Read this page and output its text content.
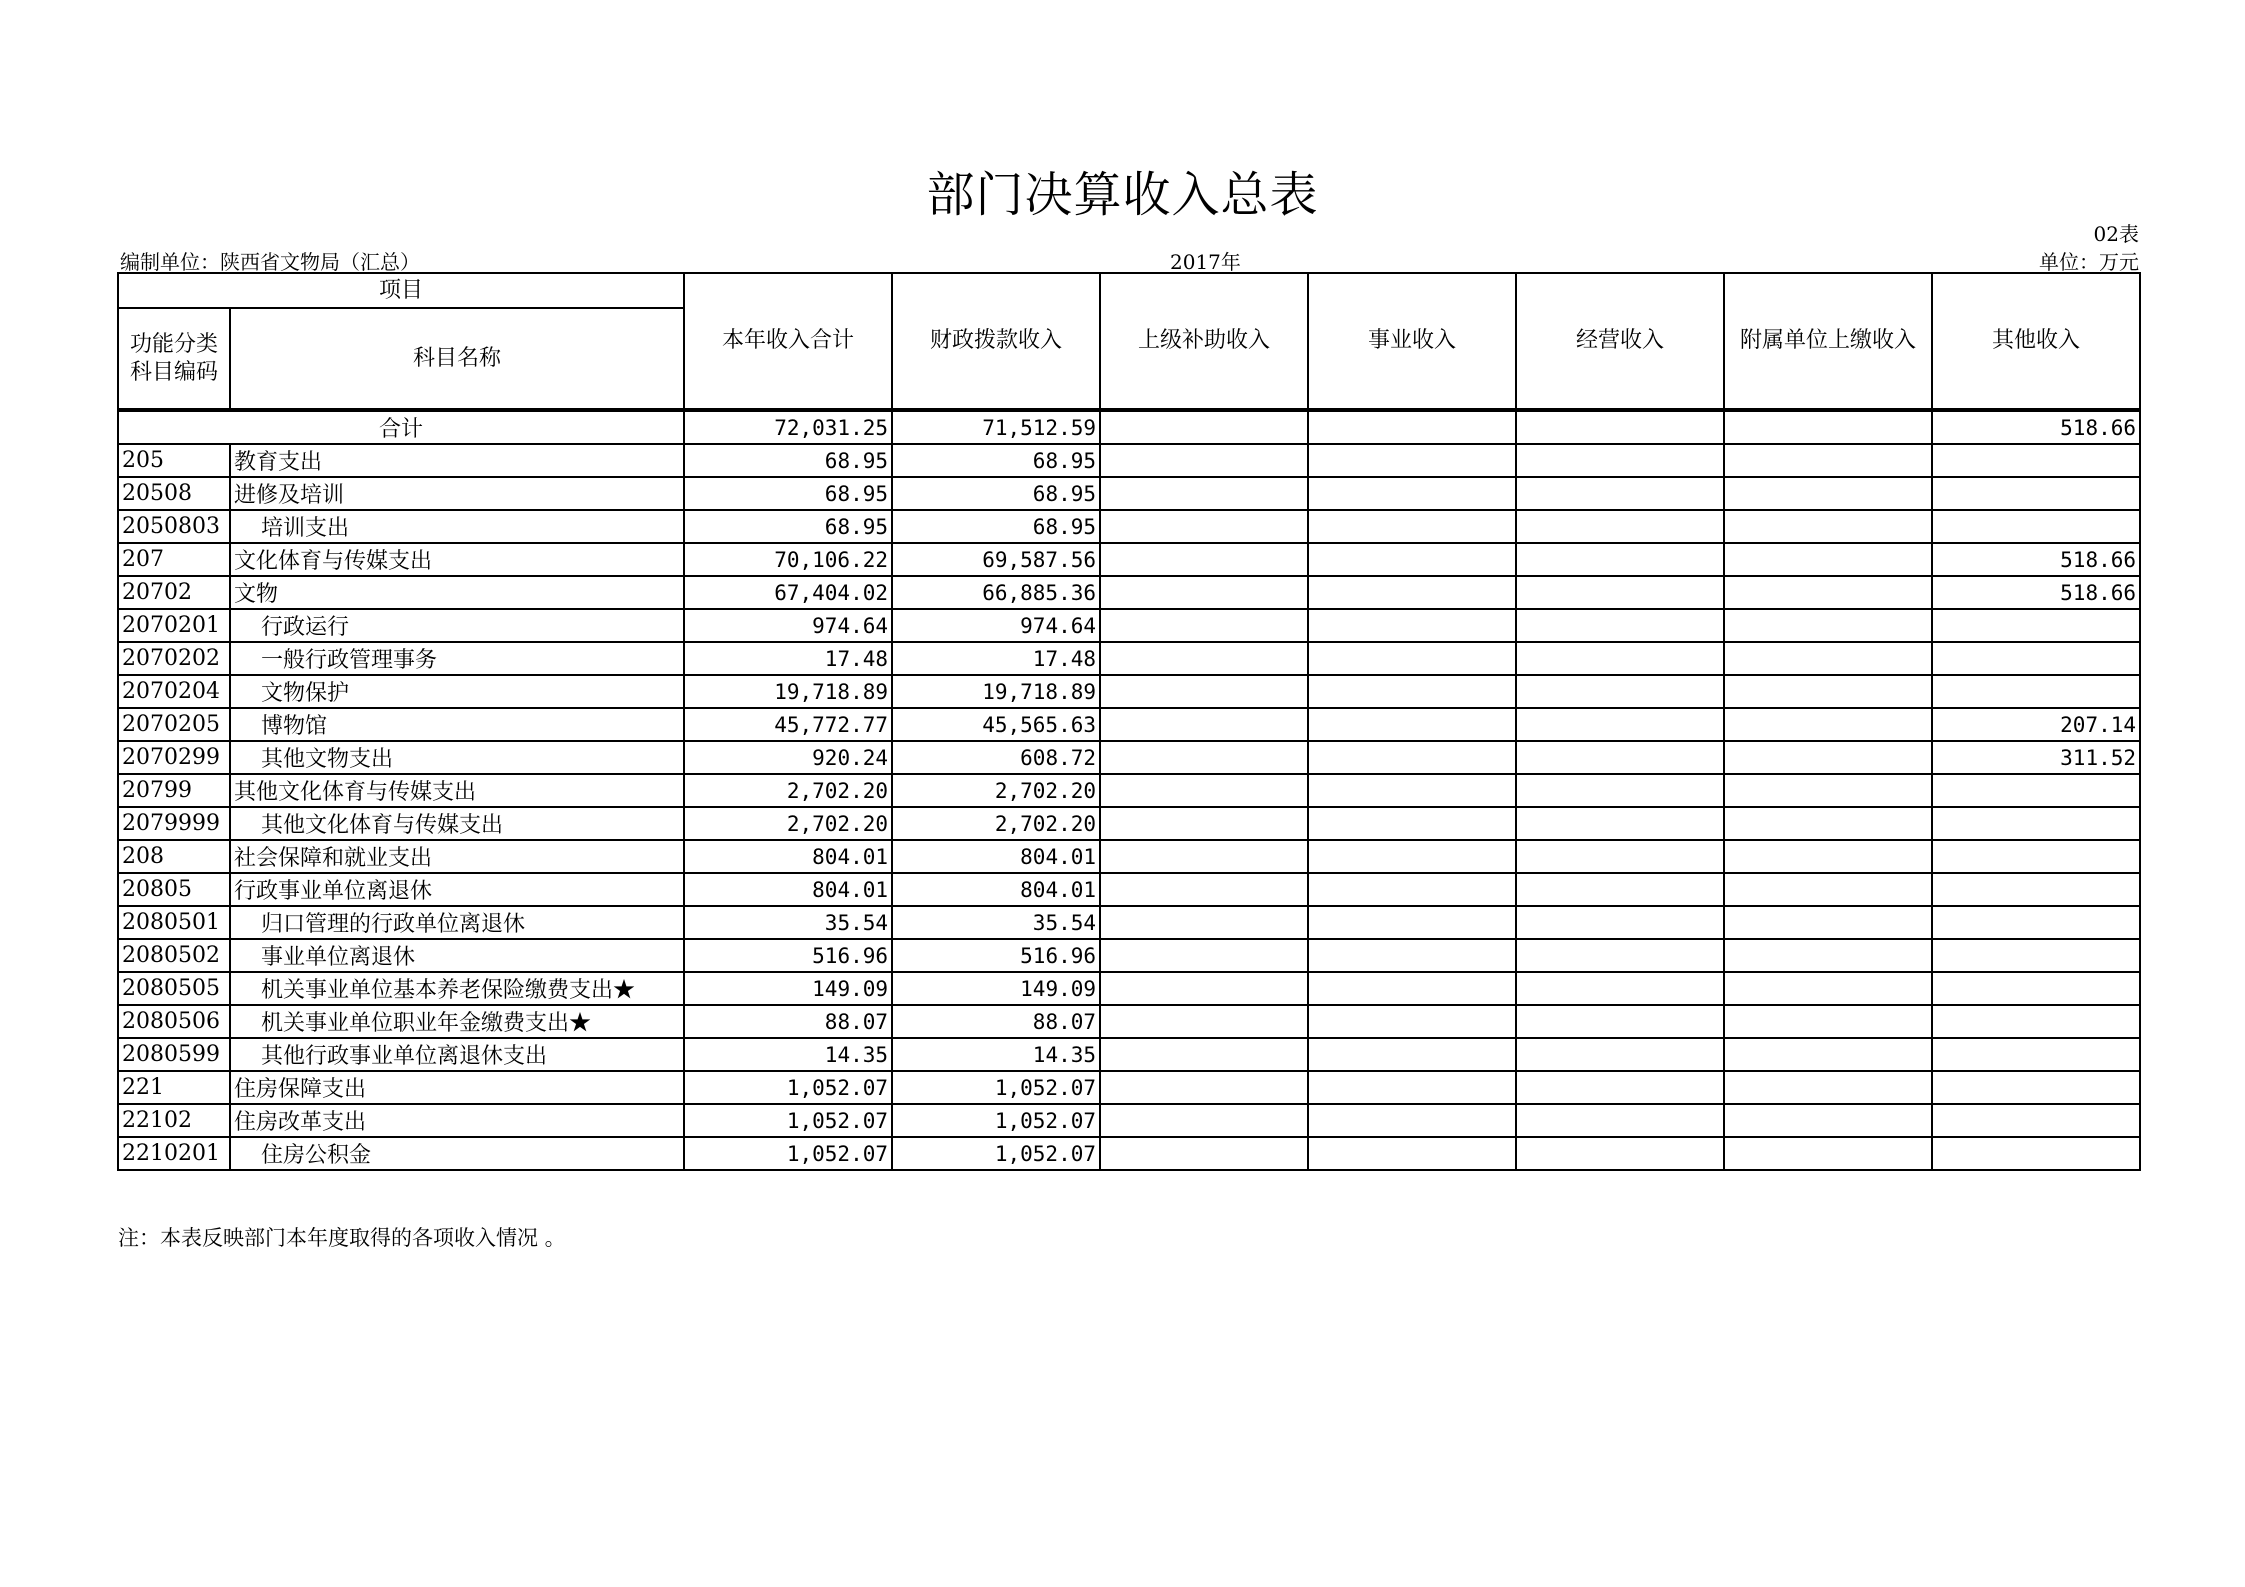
部门决算收入总表
02表
编制单位：陕西省文物局（汇总）	2017年	单位：万元
项目		本年收入合计	财政拨款收入	上级补助收入	事业收入	经营收入	附属单位上缴收入	其他收入
功能分类科目编码	科目名称							

合计		72,031.25	71,512.59					518.66
205	教育支出	68.95	68.95					
20508	进修及培训	68.95	68.95					
2050803	培训支出	68.95	68.95					
207	文化体育与传媒支出	70,106.22	69,587.56					518.66
20702	文物	67,404.02	66,885.36					518.66
2070201	行政运行	974.64	974.64					
2070202	一般行政管理事务	17.48	17.48					
2070204	文物保护	19,718.89	19,718.89					
2070205	博物馆	45,772.77	45,565.63					207.14
2070299	其他文物支出	920.24	608.72					311.52
20799	其他文化体育与传媒支出	2,702.20	2,702.20					
2079999	其他文化体育与传媒支出	2,702.20	2,702.20					
208	社会保障和就业支出	804.01	804.01					
20805	行政事业单位离退休	804.01	804.01					
2080501	归口管理的行政单位离退休	35.54	35.54					
2080502	事业单位离退休	516.96	516.96					
2080505	机关事业单位基本养老保险缴费支出★	149.09	149.09					
2080506	机关事业单位职业年金缴费支出★	88.07	88.07					
2080599	其他行政事业单位离退休支出	14.35	14.35					
221	住房保障支出	1,052.07	1,052.07					
22102	住房改革支出	1,052.07	1,052.07					
2210201	住房公积金	1,052.07	1,052.07					
注：本表反映部门本年度取得的各项收入情况 。
